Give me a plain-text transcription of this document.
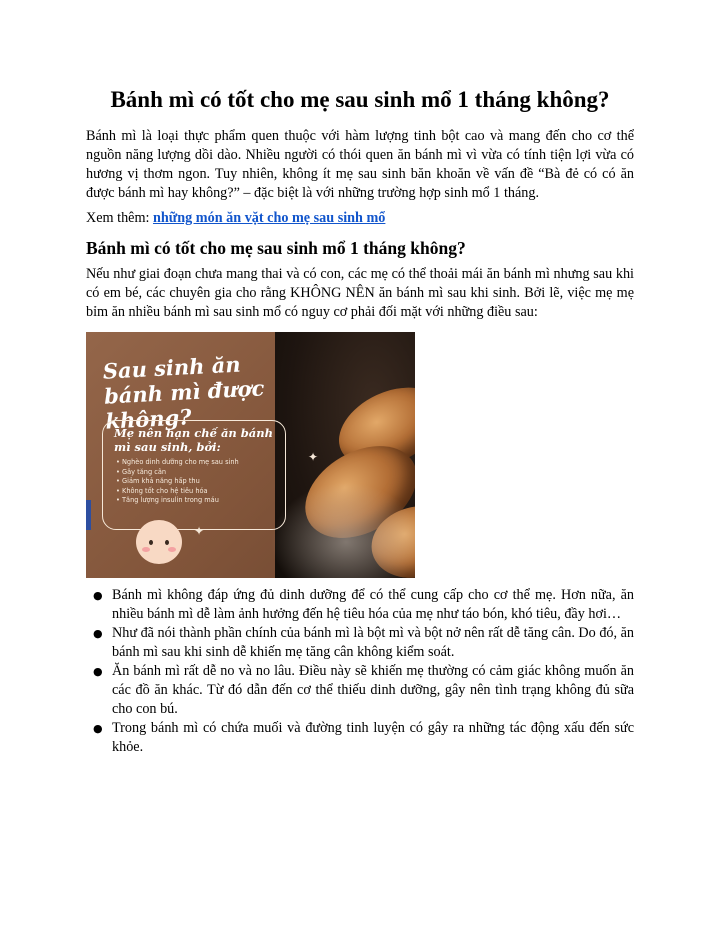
Bánh mì có tốt cho mẹ sau sinh mổ 1 tháng không?

Bánh mì là loại thực phẩm quen thuộc với hàm lượng tinh bột cao và mang đến cho cơ thể nguồn năng lượng dồi dào. Nhiều người có thói quen ăn bánh mì vì vừa có tính tiện lợi vừa có hương vị thơm ngon. Tuy nhiên, không ít mẹ sau sinh băn khoăn về vấn đề “Bà đẻ có có ăn được bánh mì hay không?” – đặc biệt là với những trường hợp sinh mổ 1 tháng.

Xem thêm: những món ăn vặt cho mẹ sau sinh mổ

Bánh mì có tốt cho mẹ sau sinh mổ 1 tháng không?

Nếu như giai đoạn chưa mang thai và có con, các mẹ có thể thoải mái ăn bánh mì nhưng sau khi có em bé, các chuyên gia cho rằng KHÔNG NÊN ăn bánh mì sau khi sinh. Bởi lẽ, việc mẹ mẹ bỉm ăn nhiều bánh mì sau sinh mổ có nguy cơ phải đối mặt với những điều sau:

Sau sinh ăn bánh mì được không?
Mẹ nên hạn chế ăn bánh mì sau sinh, bởi:
• Nghèo dinh dưỡng cho mẹ sau sinh
• Gây tăng cân
• Giảm khả năng hấp thu
• Không tốt cho hệ tiêu hóa
• Tăng lượng insulin trong máu
✦
✦
● Bánh mì không đáp ứng đủ dinh dưỡng để có thể cung cấp cho cơ thể mẹ. Hơn nữa, ăn nhiều bánh mì dễ làm ảnh hưởng đến hệ tiêu hóa của mẹ như táo bón, khó tiêu, đầy hơi…
● Như đã nói thành phần chính của bánh mì là bột mì và bột nở nên rất dễ tăng cân. Do đó, ăn bánh mì sau khi sinh dễ khiến mẹ tăng cân không kiểm soát.
● Ăn bánh mì rất dễ no và no lâu. Điều này sẽ khiến mẹ thường có cảm giác không muốn ăn các đồ ăn khác. Từ đó dẫn đến cơ thể thiếu dinh dưỡng, gây nên tình trạng không đủ sữa cho con bú.
● Trong bánh mì có chứa muối và đường tinh luyện có gây ra những tác động xấu đến sức khỏe.
